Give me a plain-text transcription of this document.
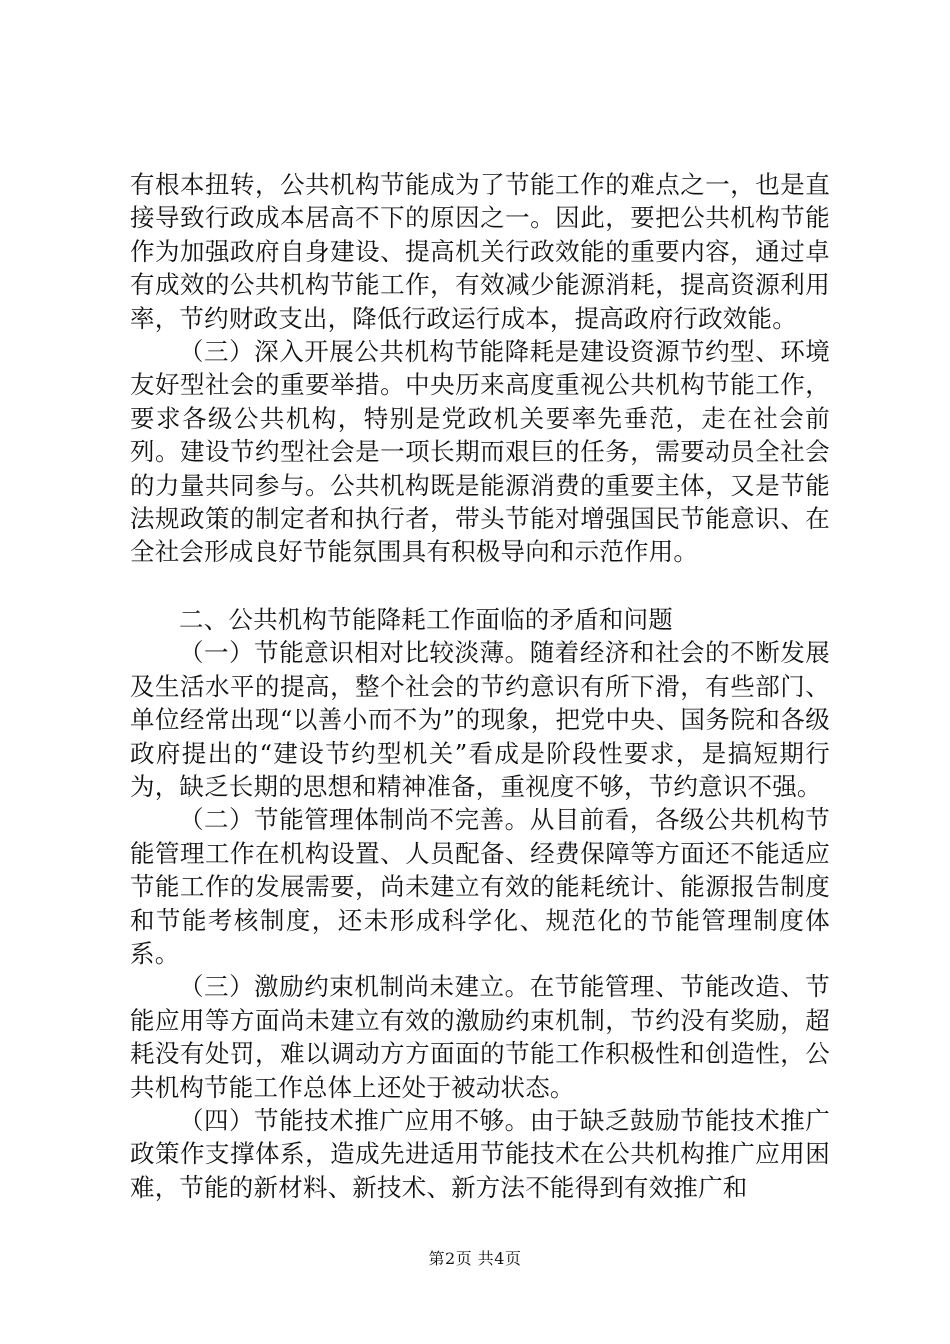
有根本扭转，公共机构节能成为了节能工作的难点之一，也是直接导致行政成本居高不下的原因之一。因此，要把公共机构节能作为加强政府自身建设、提高机关行政效能的重要内容，通过卓有成效的公共机构节能工作，有效减少能源消耗，提高资源利用率，节约财政支出，降低行政运行成本，提高政府行政效能。

（三）深入开展公共机构节能降耗是建设资源节约型、环境友好型社会的重要举措。中央历来高度重视公共机构节能工作，要求各级公共机构，特别是党政机关要率先垂范，走在社会前列。建设节约型社会是一项长期而艰巨的任务，需要动员全社会的力量共同参与。公共机构既是能源消费的重要主体，又是节能法规政策的制定者和执行者，带头节能对增强国民节能意识、在全社会形成良好节能氛围具有积极导向和示范作用。

二、公共机构节能降耗工作面临的矛盾和问题

（一）节能意识相对比较淡薄。随着经济和社会的不断发展及生活水平的提高，整个社会的节约意识有所下滑，有些部门、单位经常出现“以善小而不为”的现象，把党中央、国务院和各级政府提出的“建设节约型机关”看成是阶段性要求，是搞短期行为，缺乏长期的思想和精神准备，重视度不够，节约意识不强。

（二）节能管理体制尚不完善。从目前看，各级公共机构节能管理工作在机构设置、人员配备、经费保障等方面还不能适应节能工作的发展需要，尚未建立有效的能耗统计、能源报告制度和节能考核制度，还未形成科学化、规范化的节能管理制度体系。

（三）激励约束机制尚未建立。在节能管理、节能改造、节能应用等方面尚未建立有效的激励约束机制，节约没有奖励，超耗没有处罚，难以调动方方面面的节能工作积极性和创造性，公共机构节能工作总体上还处于被动状态。

（四）节能技术推广应用不够。由于缺乏鼓励节能技术推广政策作支撑体系，造成先进适用节能技术在公共机构推广应用困难，节能的新材料、新技术、新方法不能得到有效推广和

第2页 共4页
